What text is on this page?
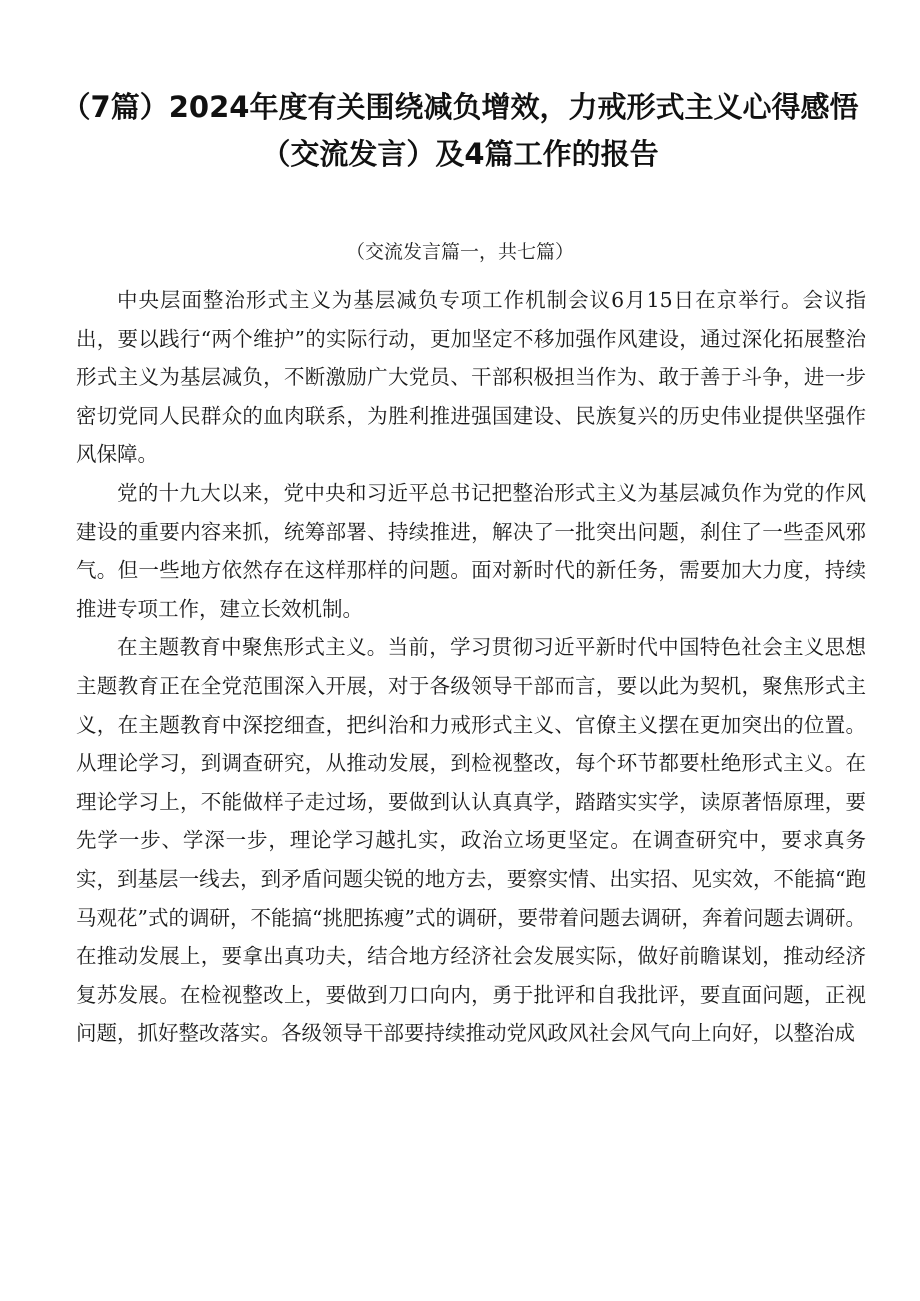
（7篇）2024年度有关围绕减负增效，力戒形式主义心得感悟（交流发言）及4篇工作的报告
（交流发言篇一，共七篇）

中央层面整治形式主义为基层减负专项工作机制会议6月15日在京举行。会议指出，要以践行“两个维护”的实际行动，更加坚定不移加强作风建设，通过深化拓展整治形式主义为基层减负，不断激励广大党员、干部积极担当作为、敢于善于斗争，进一步密切党同人民群众的血肉联系，为胜利推进强国建设、民族复兴的历史伟业提供坚强作风保障。

党的十九大以来，党中央和习近平总书记把整治形式主义为基层减负作为党的作风建设的重要内容来抓，统筹部署、持续推进，解决了一批突出问题，刹住了一些歪风邪气。但一些地方依然存在这样那样的问题。面对新时代的新任务，需要加大力度，持续推进专项工作，建立长效机制。

在主题教育中聚焦形式主义。当前，学习贯彻习近平新时代中国特色社会主义思想主题教育正在全党范围深入开展，对于各级领导干部而言，要以此为契机，聚焦形式主义，在主题教育中深挖细查，把纠治和力戒形式主义、官僚主义摆在更加突出的位置。从理论学习，到调查研究，从推动发展，到检视整改，每个环节都要杜绝形式主义。在理论学习上，不能做样子走过场，要做到认认真真学，踏踏实实学，读原著悟原理，要先学一步、学深一步，理论学习越扎实，政治立场更坚定。在调查研究中，要求真务实，到基层一线去，到矛盾问题尖锐的地方去，要察实情、出实招、见实效，不能搞“跑马观花”式的调研，不能搞“挑肥拣瘦”式的调研，要带着问题去调研，奔着问题去调研。在推动发展上，要拿出真功夫，结合地方经济社会发展实际，做好前瞻谋划，推动经济复苏发展。在检视整改上，要做到刀口向内，勇于批评和自我批评，要直面问题，正视问题，抓好整改落实。各级领导干部要持续推动党风政风社会风气向上向好，以整治成
